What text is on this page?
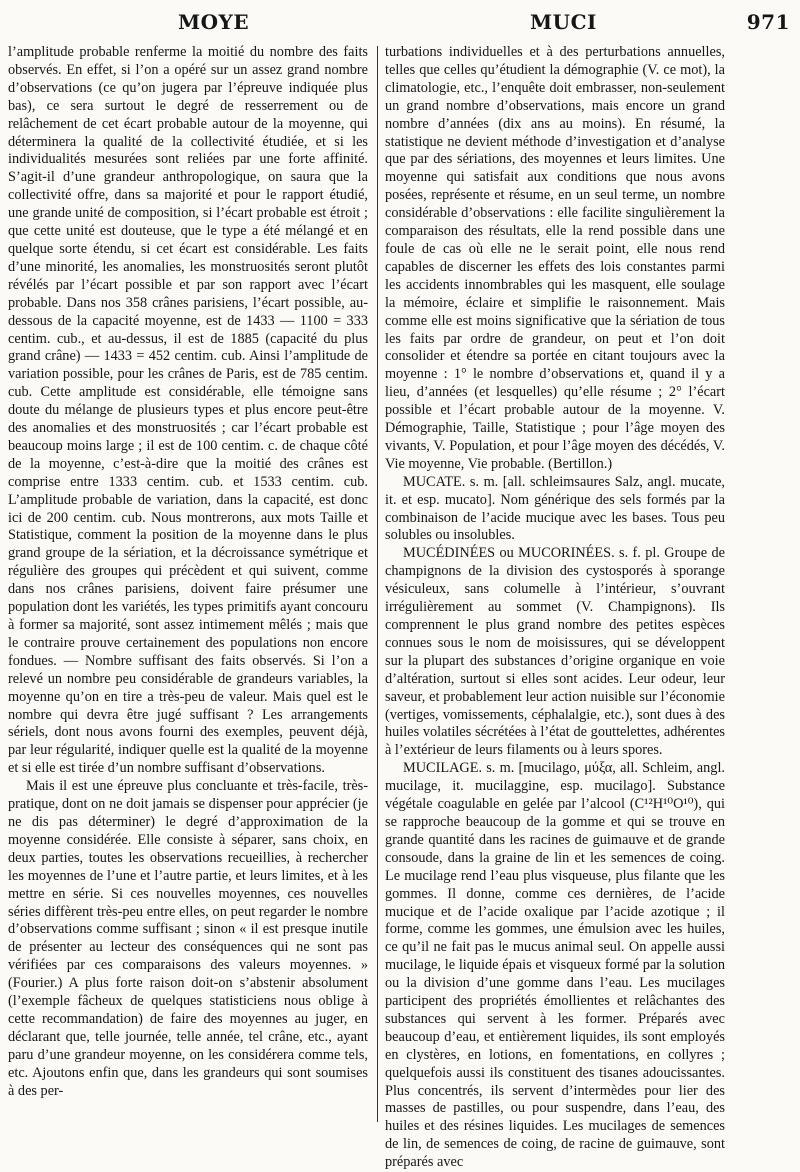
MOYE	MUCI	971

l’amplitude probable renferme la moitié du nombre des faits observés. En effet, si l’on a opéré sur un assez grand nombre d’observations (ce qu’on jugera par l’épreuve indiquée plus bas), ce sera surtout le degré de resserrement ou de relâchement de cet écart probable autour de la moyenne, qui déterminera la qualité de la collectivité étudiée, et si les individualités mesurées sont reliées par une forte affinité. S’agit-il d’une grandeur anthropologique, on saura que la collectivité offre, dans sa majorité et pour le rapport étudié, une grande unité de composition, si l’écart probable est étroit ; que cette unité est douteuse, que le type a été mélangé et en quelque sorte étendu, si cet écart est considérable. Les faits d’une minorité, les anomalies, les monstruosités seront plutôt révélés par l’écart possible et par son rapport avec l’écart probable. Dans nos 358 crânes parisiens, l’écart possible, au-dessous de la capacité moyenne, est de 1433 — 1100 = 333 centim. cub., et au-dessus, il est de 1885 (capacité du plus grand crâne) — 1433 = 452 centim. cub. Ainsi l’amplitude de variation possible, pour les crânes de Paris, est de 785 centim. cub. Cette amplitude est considérable, elle témoigne sans doute du mélange de plusieurs types et plus encore peut-être des anomalies et des monstruosités ; car l’écart probable est beaucoup moins large ; il est de 100 centim. c. de chaque côté de la moyenne, c’est-à-dire que la moitié des crânes est comprise entre 1333 centim. cub. et 1533 centim. cub. L’amplitude probable de variation, dans la capacité, est donc ici de 200 centim. cub. Nous montrerons, aux mots Taille et Statistique, comment la position de la moyenne dans le plus grand groupe de la sériation, et la décroissance symétrique et régulière des groupes qui précèdent et qui suivent, comme dans nos crânes parisiens, doivent faire présumer une population dont les variétés, les types primitifs ayant concouru à former sa majorité, sont assez intimement mêlés ; mais que le contraire prouve certainement des populations non encore fondues. — Nombre suffisant des faits observés. Si l’on a relevé un nombre peu considérable de grandeurs variables, la moyenne qu’on en tire a très-peu de valeur. Mais quel est le nombre qui devra être jugé suffisant ? Les arrangements sériels, dont nous avons fourni des exemples, peuvent déjà, par leur régularité, indiquer quelle est la qualité de la moyenne et si elle est tirée d’un nombre suffisant d’observations.

Mais il est une épreuve plus concluante et très-facile, très-pratique, dont on ne doit jamais se dispenser pour apprécier (je ne dis pas déterminer) le degré d’approximation de la moyenne considérée. Elle consiste à séparer, sans choix, en deux parties, toutes les observations recueillies, à rechercher les moyennes de l’une et l’autre partie, et leurs limites, et à les mettre en série. Si ces nouvelles moyennes, ces nouvelles séries diffèrent très-peu entre elles, on peut regarder le nombre d’observations comme suffisant ; sinon « il est presque inutile de présenter au lecteur des conséquences qui ne sont pas vérifiées par ces comparaisons des valeurs moyennes. » (Fourier.) A plus forte raison doit-on s’abstenir absolument (l’exemple fâcheux de quelques statisticiens nous oblige à cette recommandation) de faire des moyennes au juger, en déclarant que, telle journée, telle année, tel crâne, etc., ayant paru d’une grandeur moyenne, on les considérera comme tels, etc. Ajoutons enfin que, dans les grandeurs qui sont soumises à des per-

turbations individuelles et à des perturbations annuelles, telles que celles qu’étudient la démographie (V. ce mot), la climatologie, etc., l’enquête doit embrasser, non-seulement un grand nombre d’observations, mais encore un grand nombre d’années (dix ans au moins). En résumé, la statistique ne devient méthode d’investigation et d’analyse que par des sériations, des moyennes et leurs limites. Une moyenne qui satisfait aux conditions que nous avons posées, représente et résume, en un seul terme, un nombre considérable d’observations : elle facilite singulièrement la comparaison des résultats, elle la rend possible dans une foule de cas où elle ne le serait point, elle nous rend capables de discerner les effets des lois constantes parmi les accidents innombrables qui les masquent, elle soulage la mémoire, éclaire et simplifie le raisonnement. Mais comme elle est moins significative que la sériation de tous les faits par ordre de grandeur, on peut et l’on doit consolider et étendre sa portée en citant toujours avec la moyenne : 1° le nombre d’observations et, quand il y a lieu, d’années (et lesquelles) qu’elle résume ; 2° l’écart possible et l’écart probable autour de la moyenne. V. Démographie, Taille, Statistique ; pour l’âge moyen des vivants, V. Population, et pour l’âge moyen des décédés, V. Vie moyenne, Vie probable. (Bertillon.)

MUCATE. s. m. [all. schleimsaures Salz, angl. mucate, it. et esp. mucato]. Nom générique des sels formés par la combinaison de l’acide mucique avec les bases. Tous peu solubles ou insolubles.

MUCÉDINÉES ou MUCORINÉES. s. f. pl. Groupe de champignons de la division des cystosporés à sporange vésiculeux, sans columelle à l’intérieur, s’ouvrant irrégulièrement au sommet (V. Champignons). Ils comprennent le plus grand nombre des petites espèces connues sous le nom de moisissures, qui se développent sur la plupart des substances d’origine organique en voie d’altération, surtout si elles sont acides. Leur odeur, leur saveur, et probablement leur action nuisible sur l’économie (vertiges, vomissements, céphalalgie, etc.), sont dues à des huiles volatiles sécrétées à l’état de gouttelettes, adhérentes à l’extérieur de leurs filaments ou à leurs spores.

MUCILAGE. s. m. [mucilago, μύξα, all. Schleim, angl. mucilage, it. mucilaggine, esp. mucilago]. Substance végétale coagulable en gelée par l’alcool (C¹²H¹⁰O¹⁰), qui se rapproche beaucoup de la gomme et qui se trouve en grande quantité dans les racines de guimauve et de grande consoude, dans la graine de lin et les semences de coing. Le mucilage rend l’eau plus visqueuse, plus filante que les gommes. Il donne, comme ces dernières, de l’acide mucique et de l’acide oxalique par l’acide azotique ; il forme, comme les gommes, une émulsion avec les huiles, ce qu’il ne fait pas le mucus animal seul. On appelle aussi mucilage, le liquide épais et visqueux formé par la solution ou la division d’une gomme dans l’eau. Les mucilages participent des propriétés émollientes et relâchantes des substances qui servent à les former. Préparés avec beaucoup d’eau, et entièrement liquides, ils sont employés en clystères, en lotions, en fomentations, en collyres ; quelquefois aussi ils constituent des tisanes adoucissantes. Plus concentrés, ils servent d’intermèdes pour lier des masses de pastilles, ou pour suspendre, dans l’eau, des huiles et des résines liquides. Les mucilages de semences de lin, de semences de coing, de racine de guimauve, sont préparés avec
